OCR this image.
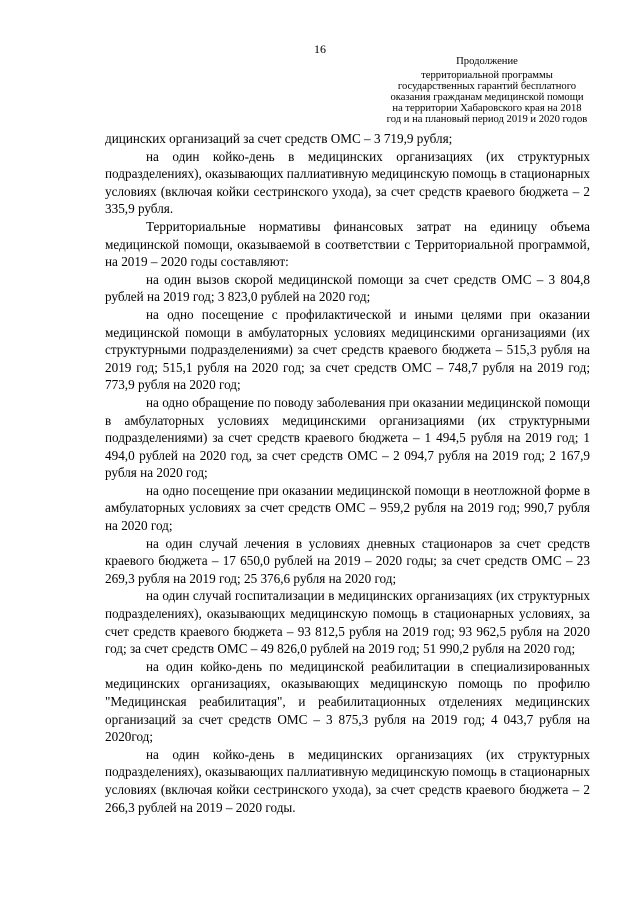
16
Продолжение
территориальной программы государственных гарантий бесплатного оказания гражданам медицинской помощи на территории Хабаровского края на 2018 год и на плановый период 2019 и 2020 годов

дицинских организаций за счет средств ОМС – 3 719,9 рубля;

на один койко-день в медицинских организациях (их структурных подразделениях), оказывающих паллиативную медицинскую помощь в стационарных условиях (включая койки сестринского ухода), за счет средств краевого бюджета – 2 335,9 рубля.

Территориальные нормативы финансовых затрат на единицу объема медицинской помощи, оказываемой в соответствии с Территориальной программой, на 2019 – 2020 годы составляют:

на один вызов скорой медицинской помощи за счет средств ОМС – 3 804,8 рублей на 2019 год; 3 823,0 рублей на 2020 год;

на одно посещение с профилактической и иными целями при оказании медицинской помощи в амбулаторных условиях медицинскими организациями (их структурными подразделениями) за счет средств краевого бюджета – 515,3 рубля на 2019 год; 515,1 рубля на 2020 год; за счет средств ОМС – 748,7 рубля на 2019 год; 773,9 рубля на 2020 год;

на одно обращение по поводу заболевания при оказании медицинской помощи в амбулаторных условиях медицинскими организациями (их структурными подразделениями) за счет средств краевого бюджета – 1 494,5 рубля на 2019 год; 1 494,0 рублей на 2020 год, за счет средств ОМС – 2 094,7 рубля на 2019 год; 2 167,9 рубля на 2020 год;

на одно посещение при оказании медицинской помощи в неотложной форме в амбулаторных условиях за счет средств ОМС – 959,2 рубля на 2019 год; 990,7 рубля на 2020 год;

на один случай лечения в условиях дневных стационаров за счет средств краевого бюджета – 17 650,0 рублей на 2019 – 2020 годы; за счет средств ОМС – 23 269,3 рубля на 2019 год; 25 376,6 рубля на 2020 год;

на один случай госпитализации в медицинских организациях (их структурных подразделениях), оказывающих медицинскую помощь в стационарных условиях, за счет средств краевого бюджета – 93 812,5 рубля на 2019 год; 93 962,5 рубля на 2020 год; за счет средств ОМС – 49 826,0 рублей на 2019 год; 51 990,2 рубля на 2020 год;

на один койко-день по медицинской реабилитации в специализированных медицинских организациях, оказывающих медицинскую помощь по профилю "Медицинская реабилитация", и реабилитационных отделениях медицинских организаций за счет средств ОМС – 3 875,3 рубля на 2019 год; 4 043,7 рубля на 2020год;

на один койко-день в медицинских организациях (их структурных подразделениях), оказывающих паллиативную медицинскую помощь в стационарных условиях (включая койки сестринского ухода), за счет средств краевого бюджета – 2 266,3 рублей на 2019 – 2020 годы.
